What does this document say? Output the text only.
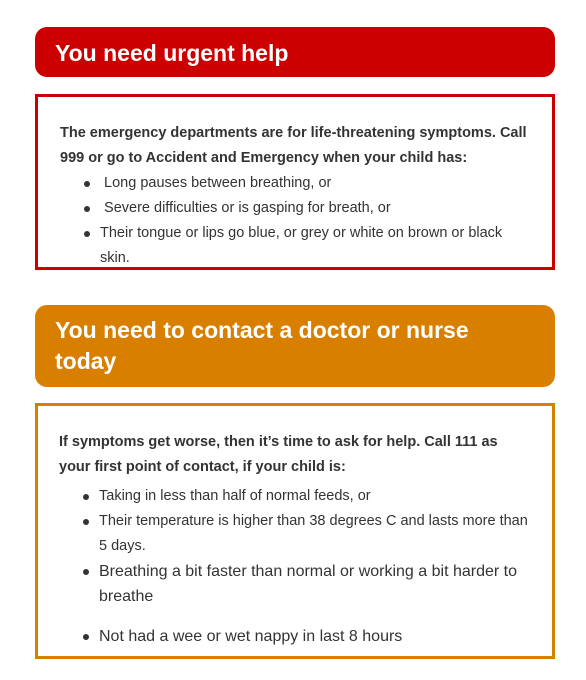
You need urgent help

The emergency departments are for life-threatening symptoms. Call 999 or go to Accident and Emergency when your child has:

Long pauses between breathing, or
Severe difficulties or is gasping for breath, or
Their tongue or lips go blue, or grey or white on brown or black skin.
You need to contact a doctor or nurse today

If symptoms get worse, then it’s time to ask for help. Call 111 as your first point of contact, if your child is:

Taking in less than half of normal feeds, or
Their temperature is higher than 38 degrees C and lasts more than 5 days.
Breathing a bit faster than normal or working a bit harder to breathe
Not had a wee or wet nappy in last 8 hours
